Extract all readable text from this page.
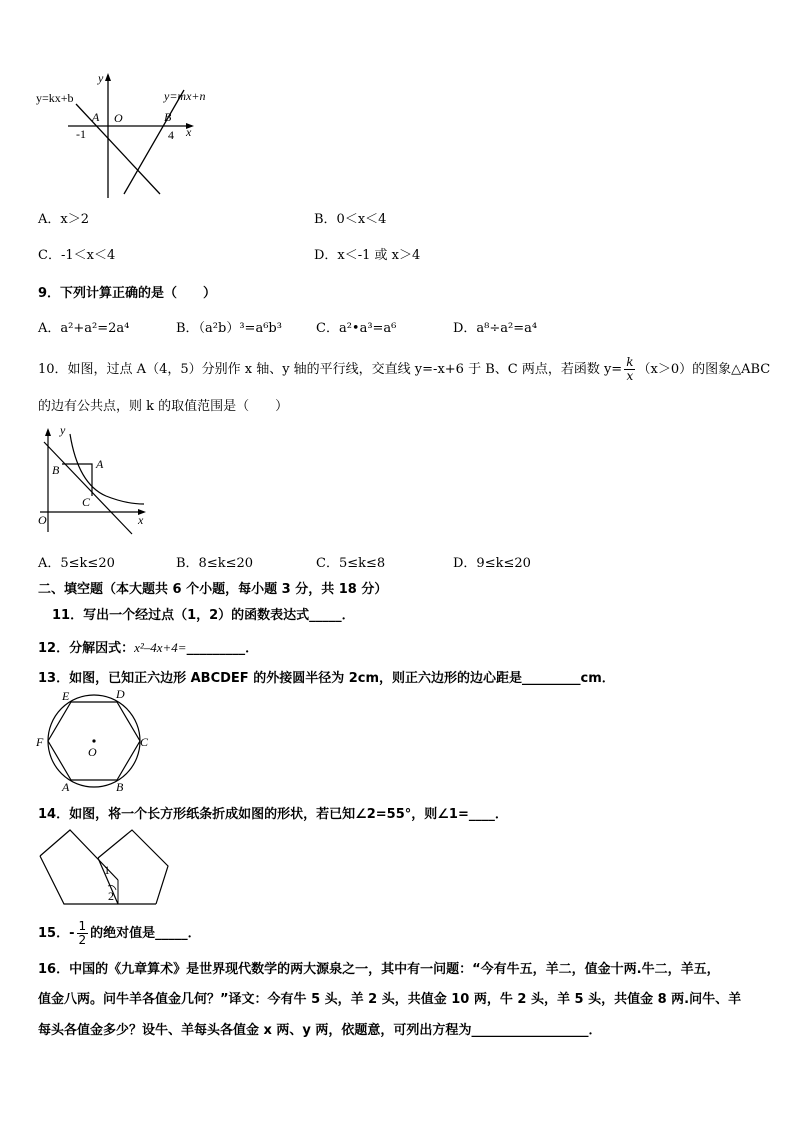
y=kx+b	y=mx+n
y
x
O
A	B
-1	4
A．x＞2	B．0＜x＜4
C．-1＜x＜4	D．x＜-1 或 x＞4
9．下列计算正确的是（　　）
A．a²+a²=2a⁴	B．（a²b）³=a⁶b³	C．a²•a³=a⁶	D．a⁸÷a²=a⁴
10．如图，过点 A（4，5）分别作 x 轴、y 轴的平行线，交直线 y=-x+6 于 B、C 两点，若函数 $y= \frac{k}{x} (x>0)$的图象△ABC
的边有公共点，则 k 的取值范围是（　　）
y
x
O
A
B
C
A．5≤k≤20	B．8≤k≤20	C．5≤k≤8	D．9≤k≤20
二、填空题（本大题共 6 个小题，每小题 3 分，共 18 分）
11．写出一个经过点（1，2）的函数表达式_____．
12．分解因式：x²–4x+4=_________．
13．如图，已知正六边形 ABCDEF 的外接圆半径为 2cm，则正六边形的边心距是_________cm．
D
E
C
F
B
A
O
14．如图，将一个长方形纸条折成如图的形状，若已知∠2=55°，则∠1=____．
1
2
15．- $\frac{1}{2}$ 的绝对值是_____．
16．中国的《九章算术》是世界现代数学的两大源泉之一，其中有一问题：“今有牛五，羊二，值金十两.牛二，羊五，
值金八两。问牛羊各值金几何？”译文：今有牛 5 头，羊 2 头，共值金 10 两，牛 2 头，羊 5 头，共值金 8 两.问牛、羊
每头各值金多少？设牛、羊每头各值金 x 两、y 两，依题意，可列出方程为__________________．
